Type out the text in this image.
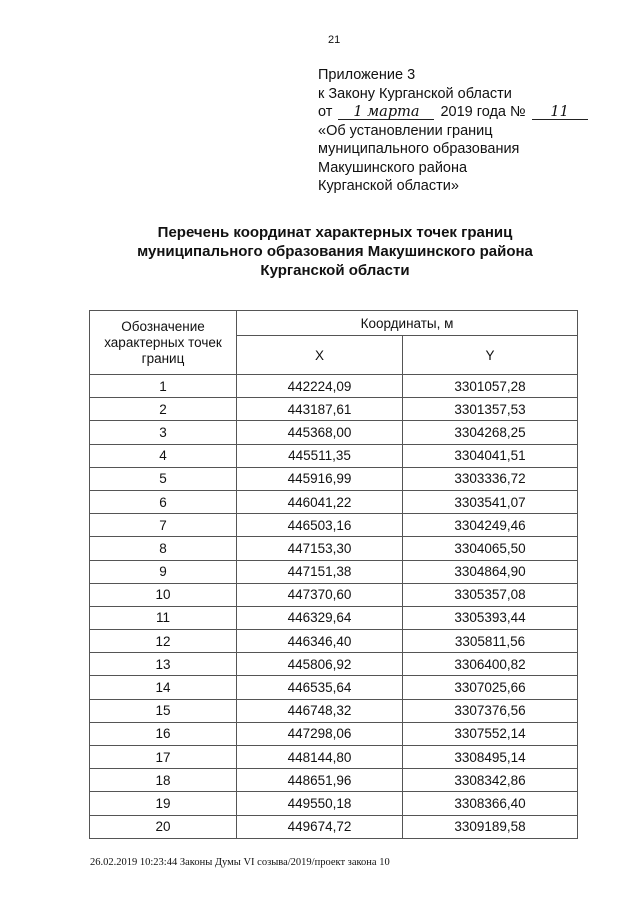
21
Приложение 3
к Закону Курганской области
от 1 марта 2019 года № 11
«Об установлении границ
муниципального образования
Макушинского района
Курганской области»
Перечень координат характерных точек границ
муниципального образования Макушинского района
Курганской области
Обозначение характерных точек границ	Координаты, м	
	X	Y
1	442224,09	3301057,28
2	443187,61	3301357,53
3	445368,00	3304268,25
4	445511,35	3304041,51
5	445916,99	3303336,72
6	446041,22	3303541,07
7	446503,16	3304249,46
8	447153,30	3304065,50
9	447151,38	3304864,90
10	447370,60	3305357,08
11	446329,64	3305393,44
12	446346,40	3305811,56
13	445806,92	3306400,82
14	446535,64	3307025,66
15	446748,32	3307376,56
16	447298,06	3307552,14
17	448144,80	3308495,14
18	448651,96	3308342,86
19	449550,18	3308366,40
20	449674,72	3309189,58
26.02.2019 10:23:44 Законы Думы VI созыва/2019/проект закона 10
